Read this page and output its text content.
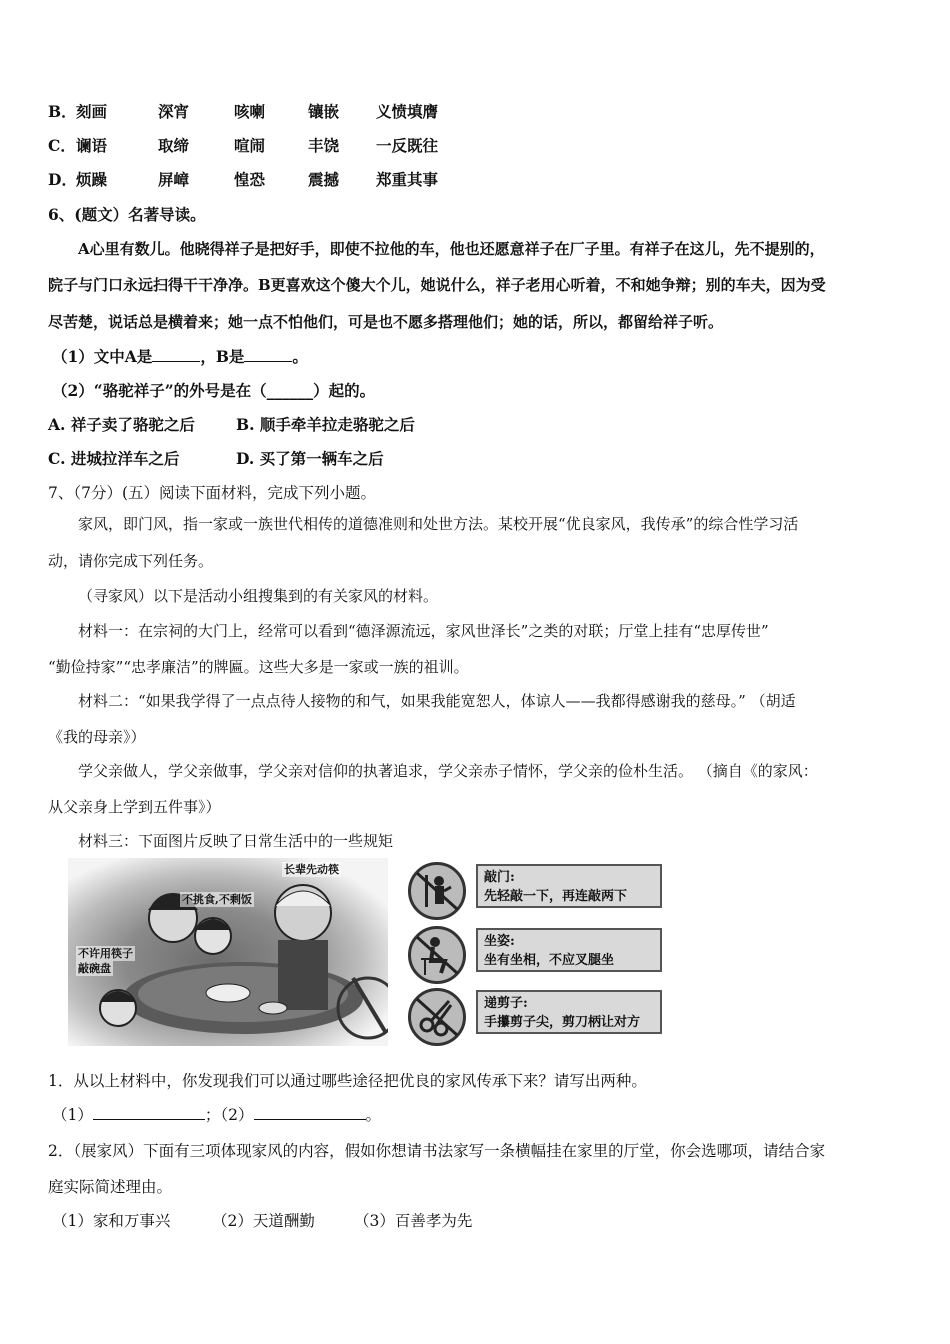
B． 刻画	深宵	咳喇	镶嵌 义愤填膺
C． 谰语	取缔	喧闹	丰饶 一反既往
D． 烦躁	屏嶂	惶恐	震撼 郑重其事
6、(题文）名著导读。
A心里有数儿。他晓得祥子是把好手，即使不拉他的车，他也还愿意祥子在厂子里。有祥子在这儿，先不提别的，
院子与门口永远扫得干干净净。B更喜欢这个傻大个儿，她说什么，祥子老用心听着，不和她争辩；别的车夫，因为受
尽苦楚，说话总是横着来；她一点不怕他们，可是也不愿多搭理他们；她的话，所以，都留给祥子听。
（1）文中A是	，B是	。
（2）“骆驼祥子”的外号是在（______）起的。
A. 祥子卖了骆驼之后	B. 顺手牵羊拉走骆驼之后
C. 进城拉洋车之后	D. 买了第一辆车之后
7、（7分）(五）阅读下面材料，完成下列小题。
家风，即门风，指一家或一族世代相传的道德准则和处世方法。某校开展“优良家风，我传承”的综合性学习活
动，请你完成下列任务。
（寻家风）以下是活动小组搜集到的有关家风的材料。
材料一：在宗祠的大门上，经常可以看到“德泽源流远，家风世泽长”之类的对联；厅堂上挂有“忠厚传世”
“勤俭持家”“忠孝廉洁”的牌匾。这些大多是一家或一族的祖训。
材料二：“如果我学得了一点点待人接物的和气，如果我能宽恕人，体谅人——我都得感谢我的慈母。” （胡适
《我的母亲》）
学父亲做人，学父亲做事，学父亲对信仰的执著追求，学父亲赤子情怀，学父亲的俭朴生活。 （摘自《的家风：
从父亲身上学到五件事》）
材料三：下面图片反映了日常生活中的一些规矩
长辈先动筷
不挑食,不剩饭
不许用筷子
敲碗盘
敲门:
先轻敲一下，再连敲两下
坐姿:
坐有坐相，不应叉腿坐
递剪子:
手攥剪子尖，剪刀柄让对方
1．从以上材料中，你发现我们可以通过哪些途径把优良的家风传承下来？请写出两种。
（1）	；（2）	。
2．（展家风）下面有三项体现家风的内容，假如你想请书法家写一条横幅挂在家里的厅堂，你会选哪项，请结合家
庭实际简述理由。
（1）家和万事兴	（2）天道酬勤	（3）百善孝为先
